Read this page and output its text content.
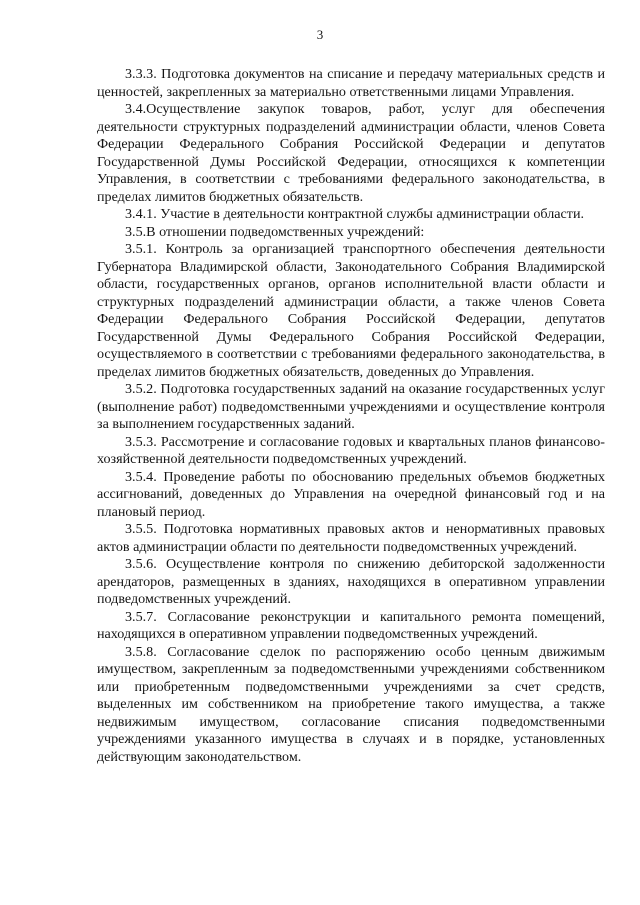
3

3.3.3. Подготовка документов на списание и передачу материальных средств и ценностей, закрепленных за материально ответственными лицами Управления.

3.4.Осуществление закупок товаров, работ, услуг для обеспечения деятельности структурных подразделений администрации области, членов Совета Федерации Федерального Собрания Российской Федерации и депутатов Государственной Думы Российской Федерации, относящихся к компетенции Управления, в соответствии с требованиями федерального законодательства, в пределах лимитов бюджетных обязательств.

3.4.1. Участие в деятельности контрактной службы администрации области.

3.5.В отношении подведомственных учреждений:

3.5.1. Контроль за организацией транспортного обеспечения деятельности Губернатора Владимирской области, Законодательного Собрания Владимирской области, государственных органов, органов исполнительной власти области и структурных подразделений администрации области, а также членов Совета Федерации Федерального Собрания Российской Федерации, депутатов Государственной Думы Федерального Собрания Российской Федерации, осуществляемого в соответствии с требованиями федерального законодательства, в пределах лимитов бюджетных обязательств, доведенных до Управления.

3.5.2. Подготовка государственных заданий на оказание государственных услуг (выполнение работ) подведомственными учреждениями и осуществление контроля за выполнением государственных заданий.

3.5.3. Рассмотрение и согласование годовых и квартальных планов финансово-хозяйственной деятельности подведомственных учреждений.

3.5.4. Проведение работы по обоснованию предельных объемов бюджетных ассигнований, доведенных до Управления на очередной финансовый год и на плановый период.

3.5.5. Подготовка нормативных правовых актов и ненормативных правовых актов администрации области по деятельности подведомственных учреждений.

3.5.6. Осуществление контроля по снижению дебиторской задолженности арендаторов, размещенных в зданиях, находящихся в оперативном управлении подведомственных учреждений.

3.5.7. Согласование реконструкции и капитального ремонта помещений, находящихся в оперативном управлении подведомственных учреждений.

3.5.8. Согласование сделок по распоряжению особо ценным движимым имуществом, закрепленным за подведомственными учреждениями собственником или приобретенным подведомственными учреждениями за счет средств, выделенных им собственником на приобретение такого имущества, а также недвижимым имуществом, согласование списания подведомственными учреждениями указанного имущества в случаях и в порядке, установленных действующим законодательством.
